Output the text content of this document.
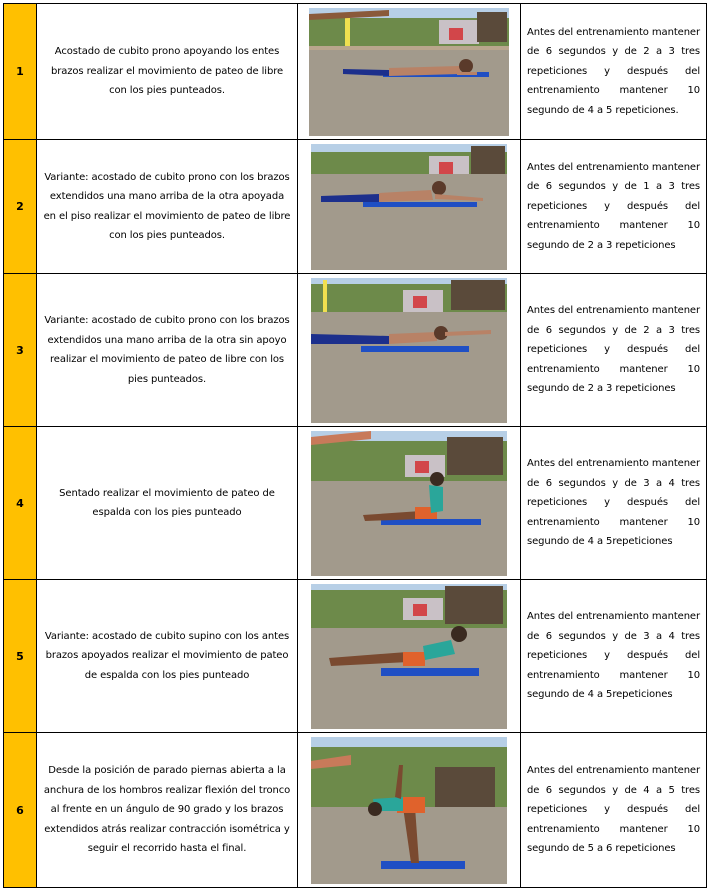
1	Acostado de cubito prono apoyando los entes brazos realizar el movimiento de pateo de libre con los pies punteados.		Antes del entrenamiento mantener de 6 segundos y de 2 a 3 tres repeticiones y después del entrenamiento mantener 10 segundo de 4 a 5 repeticiones.
2	Variante: acostado de cubito prono con los brazos extendidos una mano arriba de la otra apoyada en el piso realizar el movimiento de pateo de libre con los pies punteados.		Antes del entrenamiento mantener de 6 segundos y de 1 a 3 tres repeticiones y después del entrenamiento mantener 10 segundo de 2 a 3 repeticiones
3	Variante: acostado de cubito prono con los brazos extendidos una mano arriba de la otra sin apoyo realizar el movimiento de pateo de libre con los pies punteados.		Antes del entrenamiento mantener de 6 segundos y de 2 a 3 tres repeticiones y después del entrenamiento mantener 10 segundo de 2 a 3 repeticiones
4	Sentado realizar el movimiento de pateo de espalda con los pies punteado		Antes del entrenamiento mantener de 6 segundos y de 3 a 4 tres repeticiones y después del entrenamiento mantener 10 segundo de 4 a 5repeticiones
5	Variante: acostado de cubito supino con los antes brazos apoyados realizar el movimiento de pateo de espalda con los pies punteado		Antes del entrenamiento mantener de 6 segundos y de 3 a 4 tres repeticiones y después del entrenamiento mantener 10 segundo de 4 a 5repeticiones
6	Desde la posición de parado piernas abierta a la anchura de los hombros realizar flexión del tronco al frente en un ángulo de 90 grado y los brazos extendidos atrás realizar contracción isométrica y seguir el recorrido hasta el final.		Antes del entrenamiento mantener de 6 segundos y de 4 a 5 tres repeticiones y después del entrenamiento mantener 10 segundo de 5 a 6 repeticiones
